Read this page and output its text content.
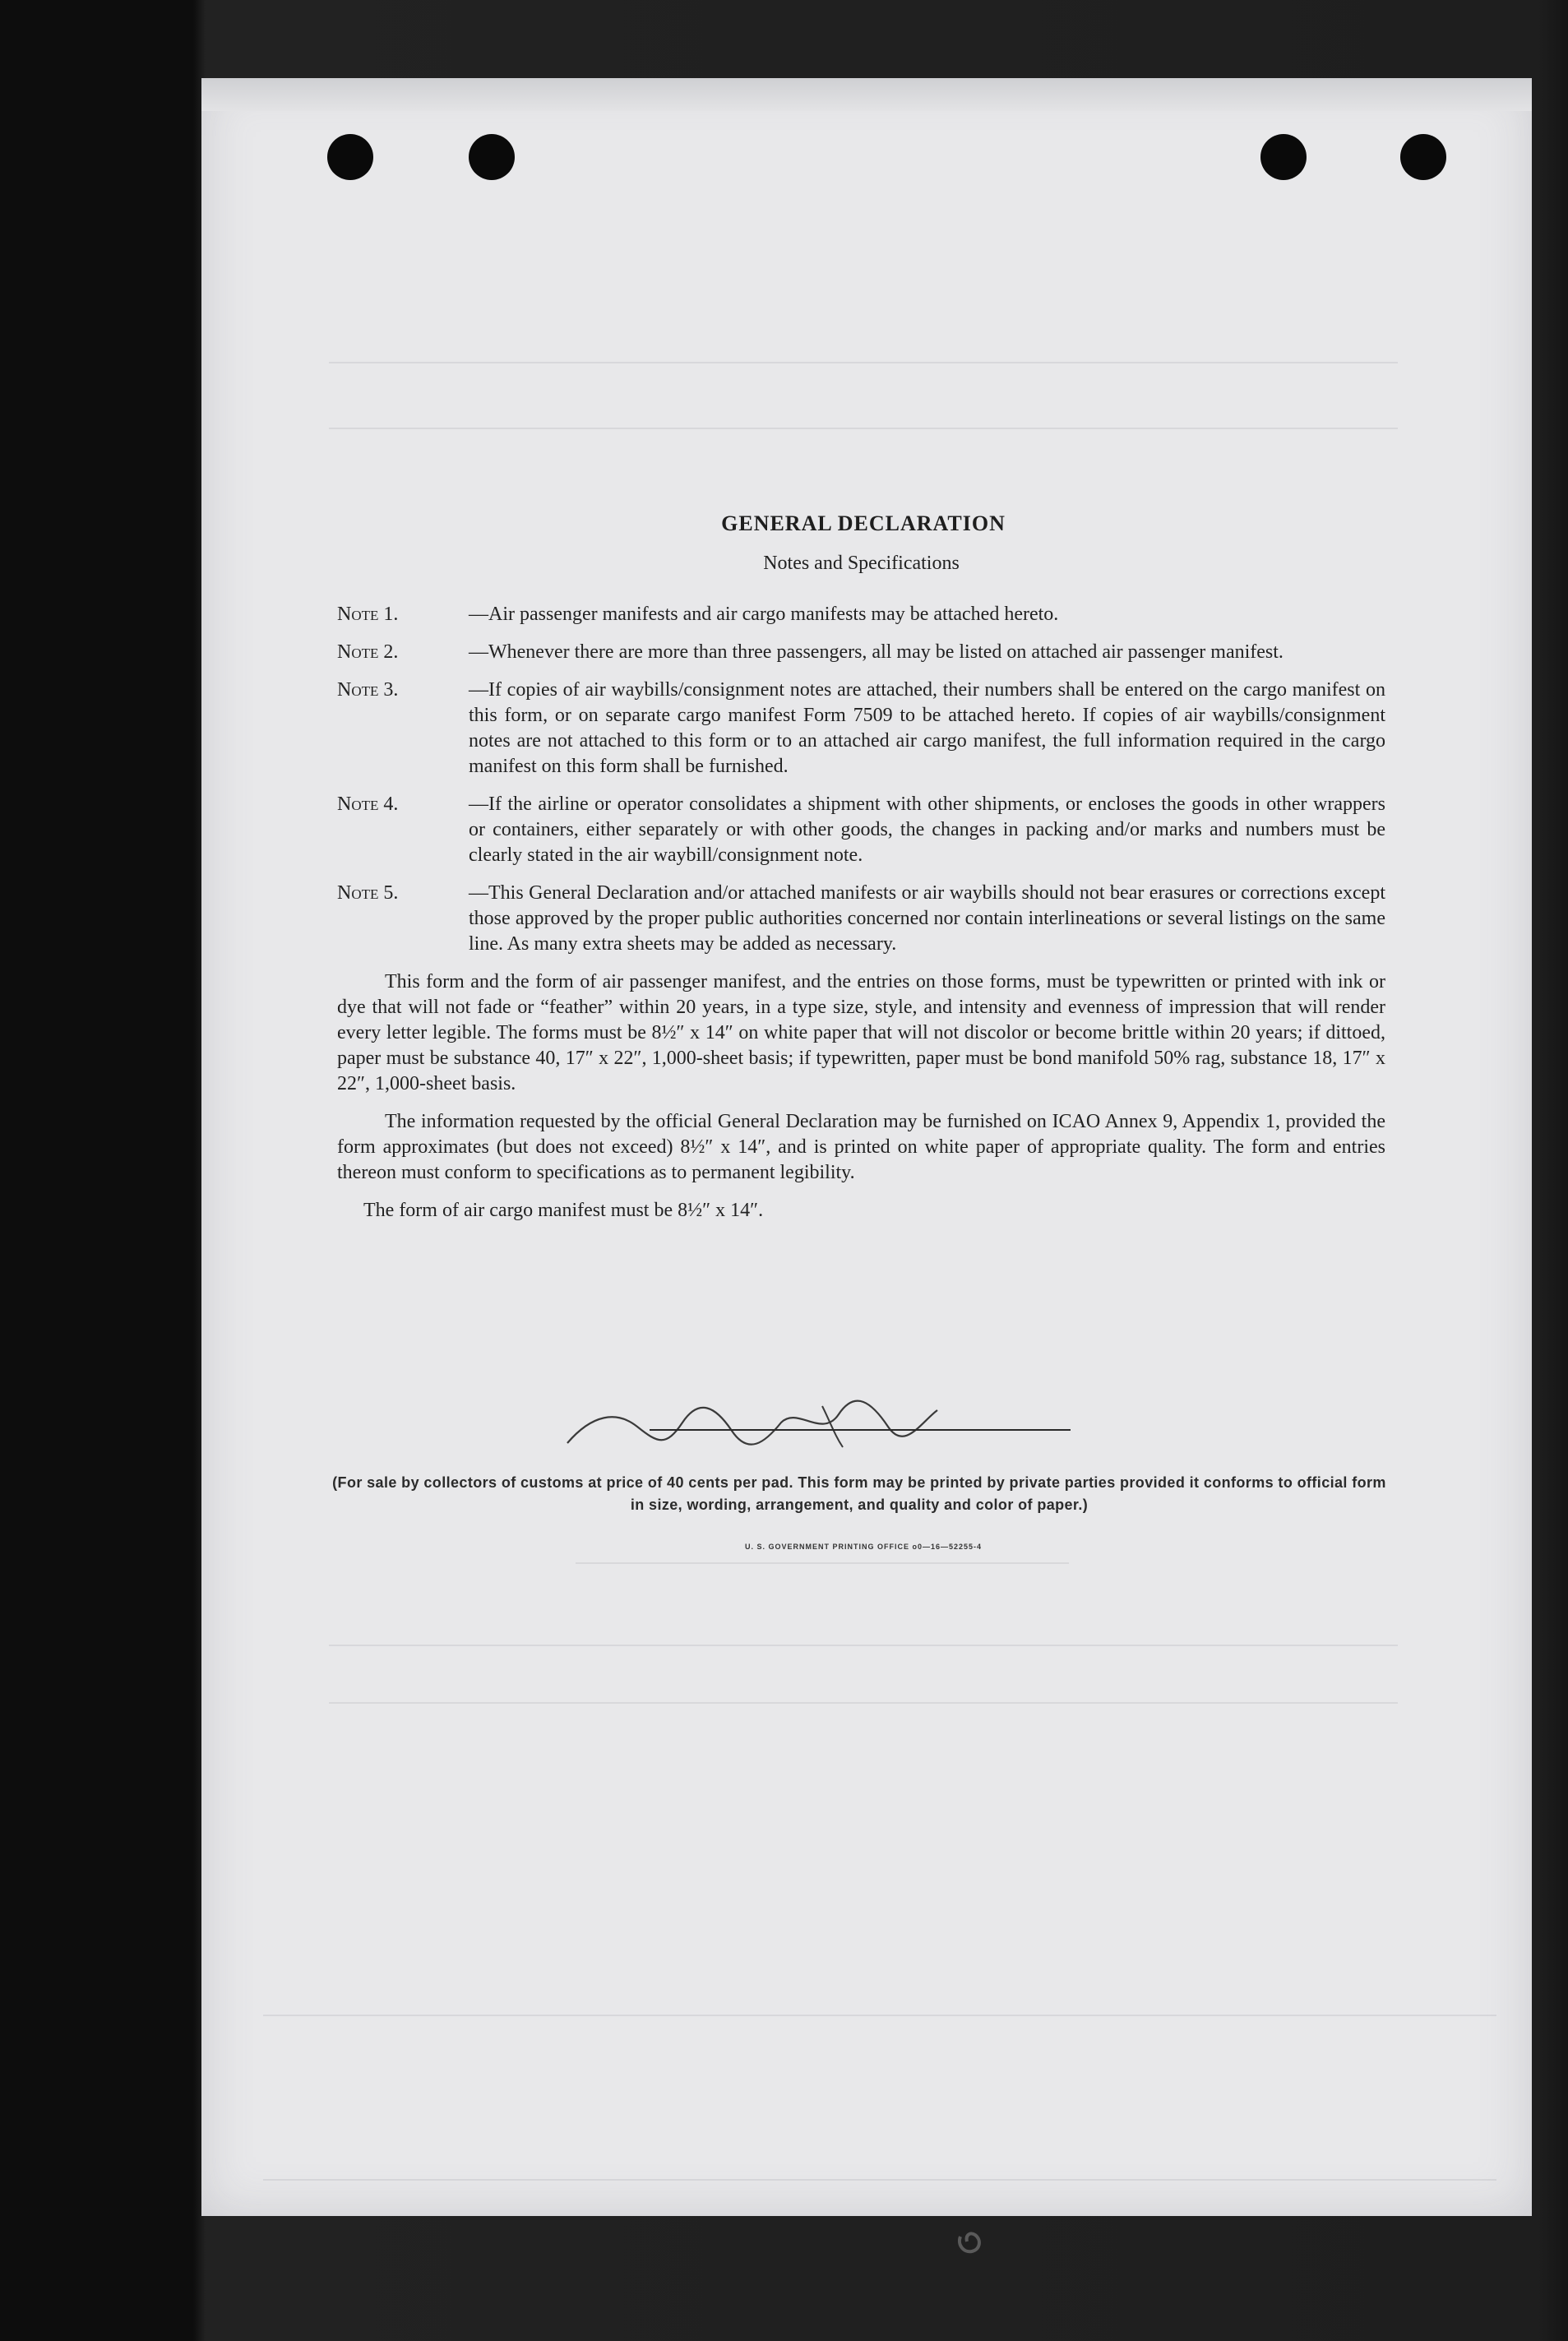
GENERAL DECLARATION
Notes and Specifications
Note 1.	—Air passenger manifests and air cargo manifests may be attached hereto.
Note 2.	—Whenever there are more than three passengers, all may be listed on attached air passenger manifest.
Note 3.	—If copies of air waybills/consignment notes are attached, their numbers shall be entered on the cargo manifest on this form, or on separate cargo manifest Form 7509 to be attached hereto. If copies of air waybills/consignment notes are not attached to this form or to an attached air cargo manifest, the full information required in the cargo manifest on this form shall be furnished.
Note 4.	—If the airline or operator consolidates a shipment with other shipments, or encloses the goods in other wrappers or containers, either separately or with other goods, the changes in packing and/or marks and numbers must be clearly stated in the air waybill/consignment note.
Note 5.	—This General Declaration and/or attached manifests or air waybills should not bear erasures or corrections except those approved by the proper public authorities concerned nor contain interlineations or several listings on the same line. As many extra sheets may be added as necessary.

This form and the form of air passenger manifest, and the entries on those forms, must be typewritten or printed with ink or dye that will not fade or “feather” within 20 years, in a type size, style, and intensity and evenness of impression that will render every letter legible. The forms must be 8½″ x 14″ on white paper that will not discolor or become brittle within 20 years; if dittoed, paper must be substance 40, 17″ x 22″, 1,000-sheet basis; if typewritten, paper must be bond manifold 50% rag, substance 18, 17″ x 22″, 1,000-sheet basis.

The information requested by the official General Declaration may be furnished on ICAO Annex 9, Appendix 1, provided the form approximates (but does not exceed) 8½″ x 14″, and is printed on white paper of appropriate quality. The form and entries thereon must conform to specifications as to permanent legibility.

The form of air cargo manifest must be 8½″ x 14″.

(For sale by collectors of customs at price of 40 cents per pad. This form may be printed by private parties provided it conforms to official form in size, wording, arrangement, and quality and color of paper.)
U. S. GOVERNMENT PRINTING OFFICE o0—16—52255-4
